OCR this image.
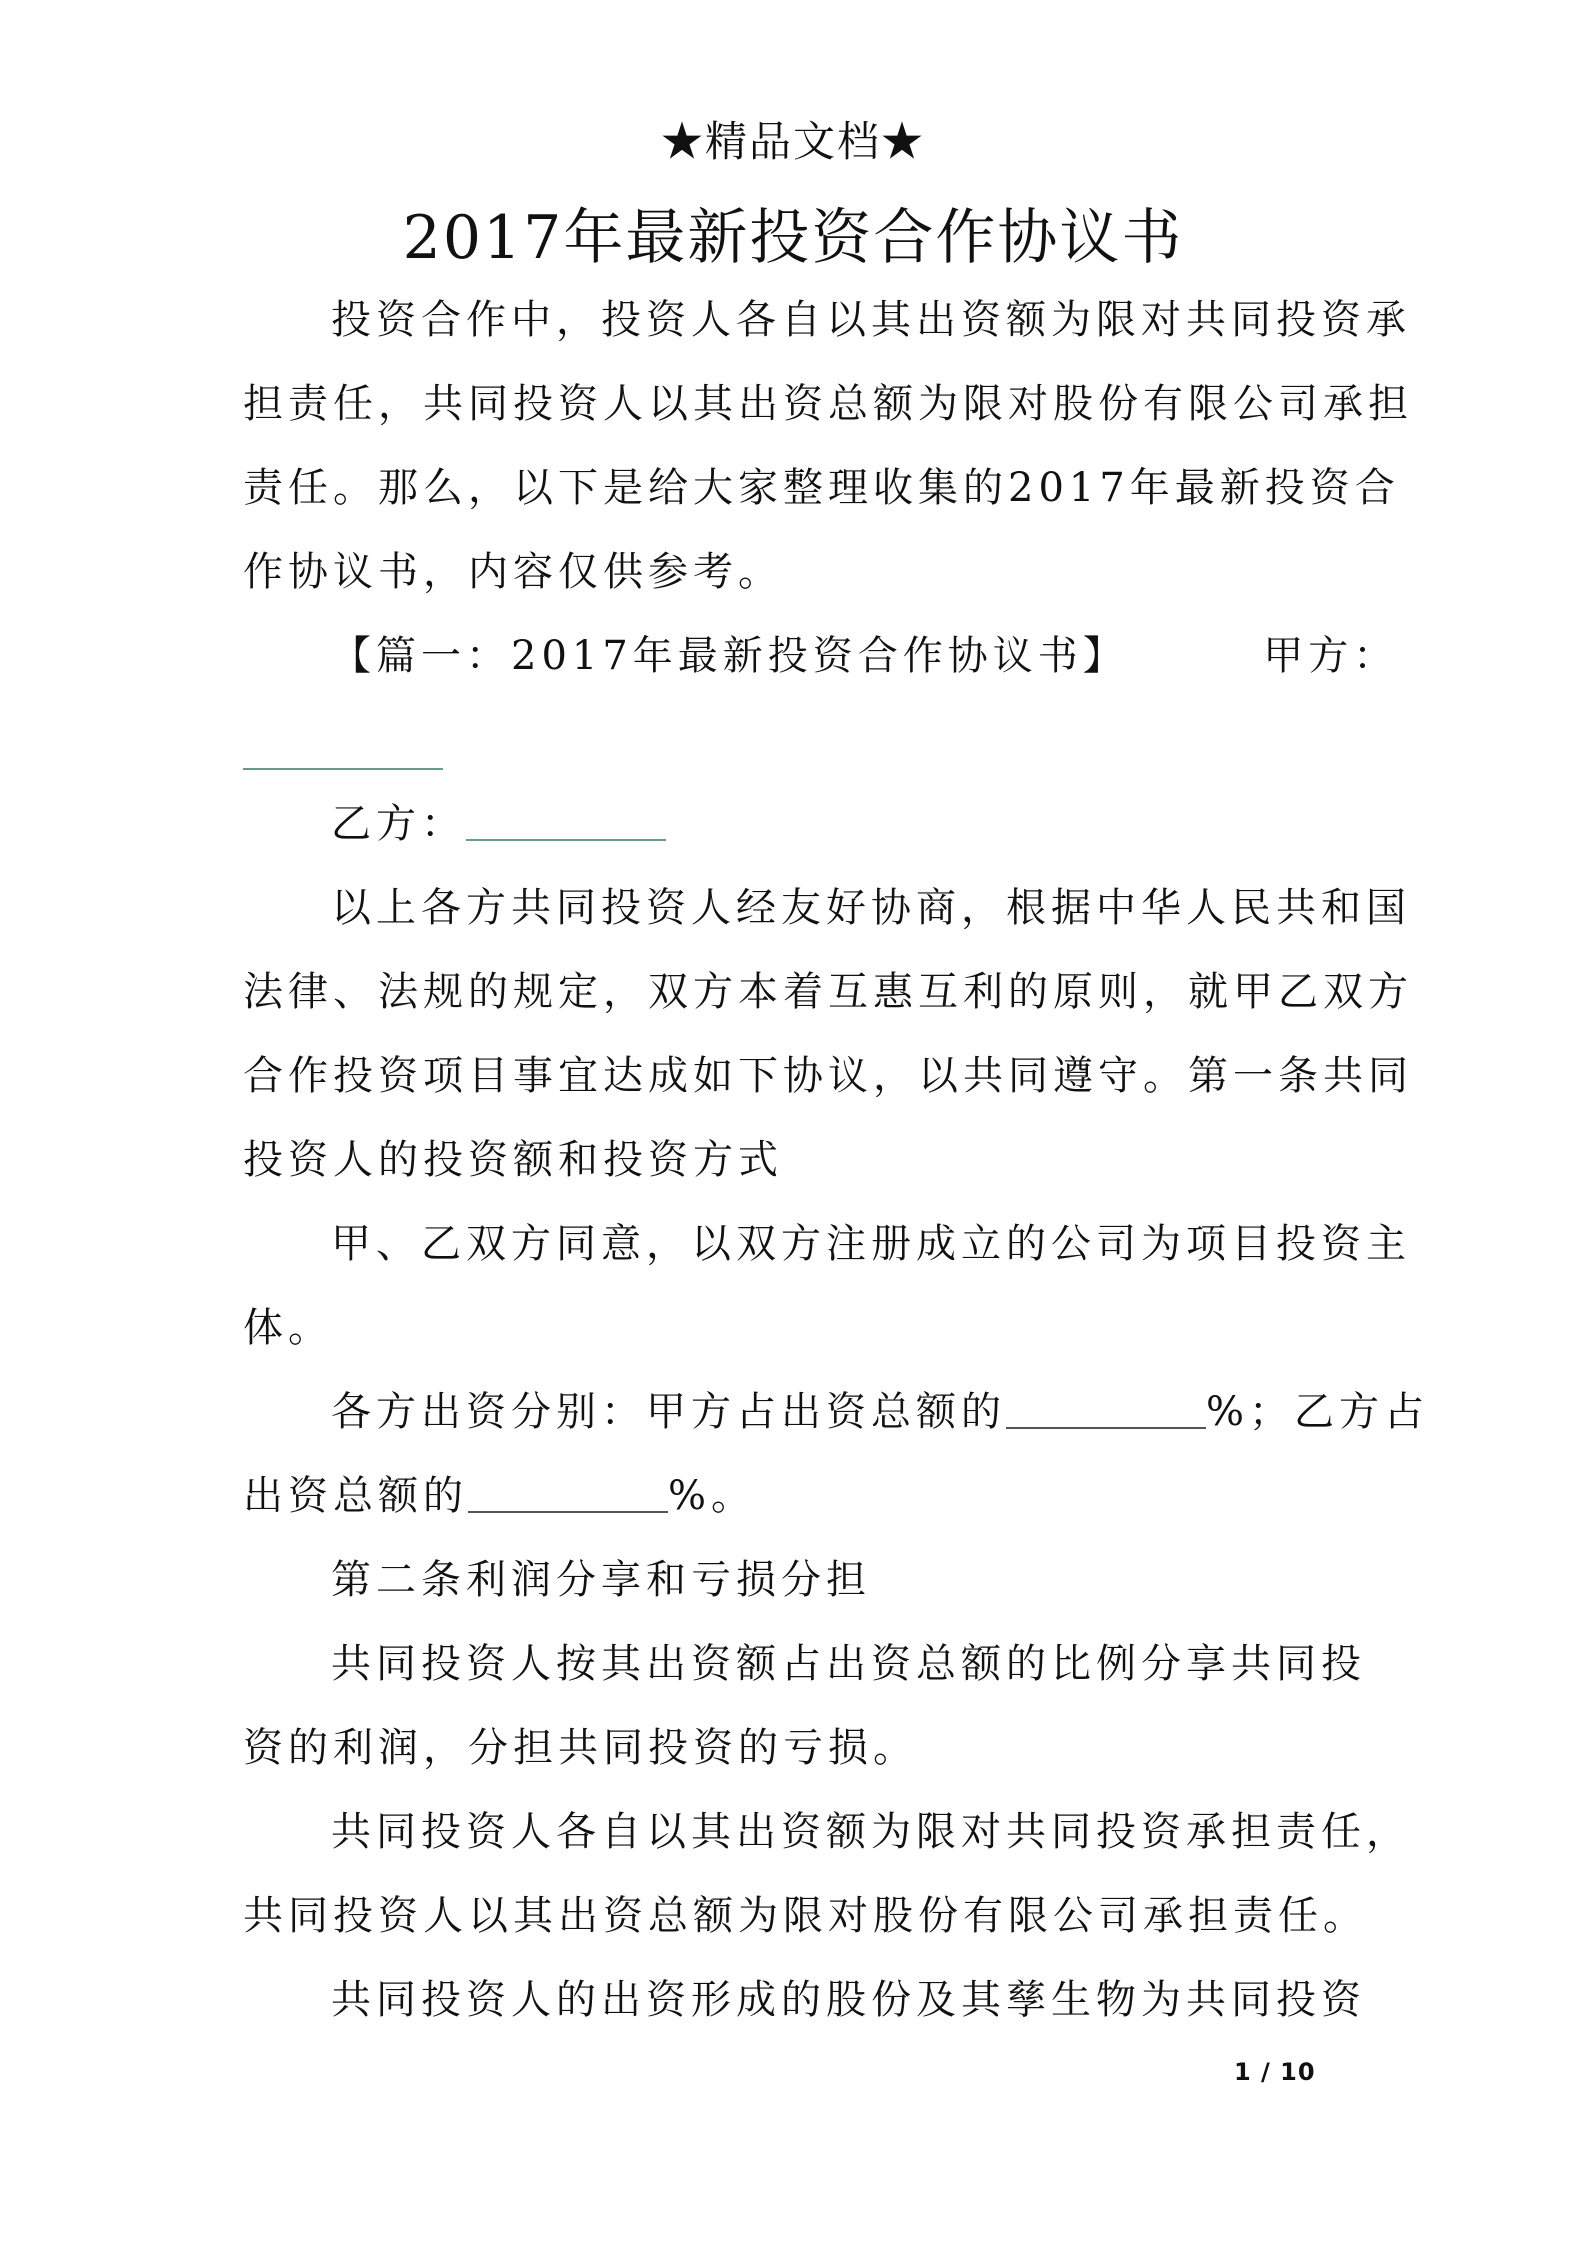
★精品文档★
2017年最新投资合作协议书
投资合作中，投资人各自以其出资额为限对共同投资承
担责任，共同投资人以其出资总额为限对股份有限公司承担
责任。那么，以下是给大家整理收集的2017年最新投资合
作协议书，内容仅供参考。
【篇一：2017年最新投资合作协议书】	甲方：
乙方：
以上各方共同投资人经友好协商，根据中华人民共和国
法律、法规的规定，双方本着互惠互利的原则，就甲乙双方
合作投资项目事宜达成如下协议，以共同遵守。第一条共同
投资人的投资额和投资方式
甲、乙双方同意，以双方注册成立的公司为项目投资主
体。
各方出资分别：甲方占出资总额的	%；乙方占
出资总额的	%。
第二条利润分享和亏损分担
共同投资人按其出资额占出资总额的比例分享共同投
资的利润，分担共同投资的亏损。
共同投资人各自以其出资额为限对共同投资承担责任，
共同投资人以其出资总额为限对股份有限公司承担责任。
共同投资人的出资形成的股份及其孳生物为共同投资
1 / 10
